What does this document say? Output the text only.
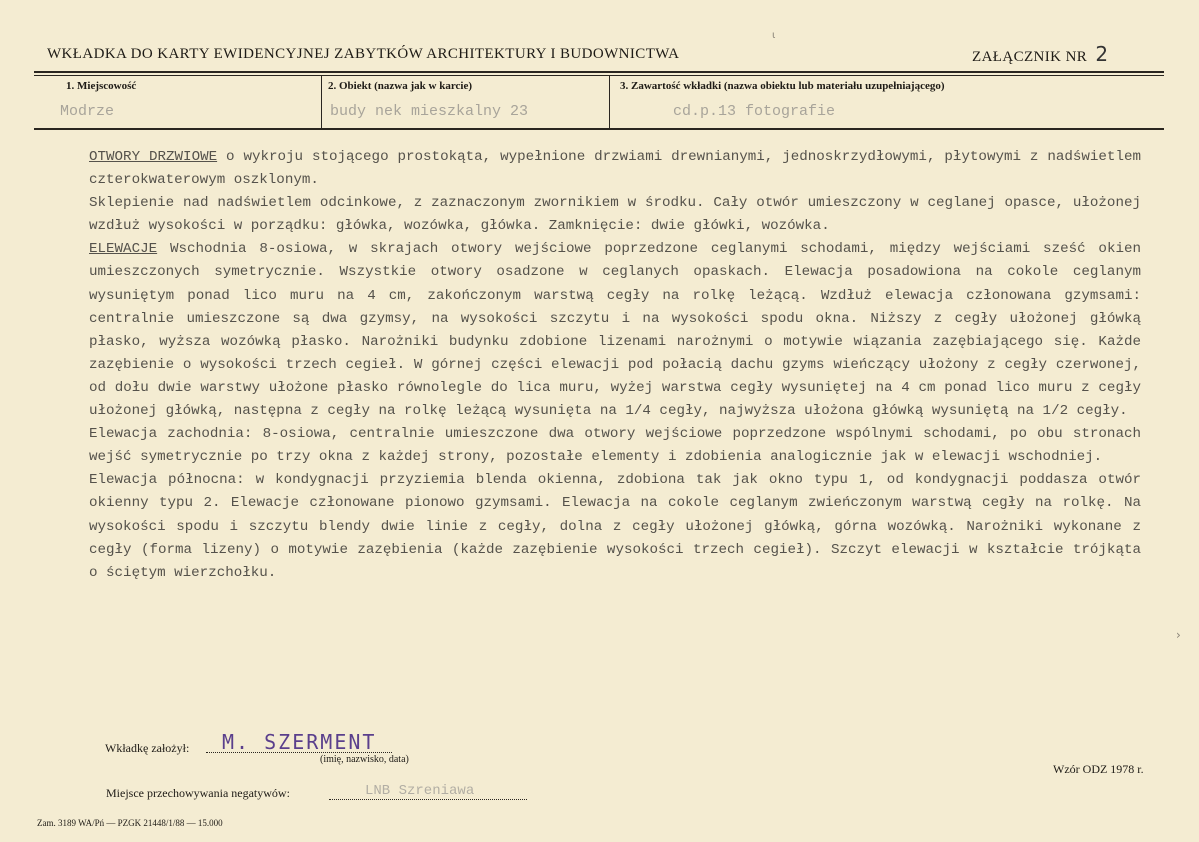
WKŁADKA DO KARTY EWIDENCYJNEJ ZABYTKÓW ARCHITEKTURY I BUDOWNICTWA	ZAŁĄCZNIK NR 2
ι
1. Miejscowość
Modrze
2. Obiekt (nazwa jak w karcie)
budy nek mieszkalny 23
3. Zawartość wkładki (nazwa obiektu lub materiału uzupełniającego)
cd.p.13 fotografie

OTWORY DRZWIOWE o wykroju stojącego prostokąta, wypełnione drzwiami drewnianymi, jednoskrzydłowymi, płytowymi z nadświetlem czterokwaterowym oszklonym.

Sklepienie nad nadświetlem odcinkowe, z zaznaczonym zwornikiem w środku. Cały otwór umieszczony w ceglanej opasce, ułożonej wzdłuż wysokości w porządku: główka, wozówka, główka. Zamknięcie: dwie główki, wozówka.

ELEWACJE Wschodnia 8-osiowa, w skrajach otwory wejściowe poprzedzone ceglanymi schodami, między wejściami sześć okien umieszczonych symetrycznie. Wszystkie otwory osadzone w ceglanych opaskach. Elewacja posadowiona na cokole ceglanym wysuniętym ponad lico muru na 4 cm, zakończonym warstwą cegły na rolkę leżącą. Wzdłuż elewacja członowana gzymsami: centralnie umieszczone są dwa gzymsy, na wysokości szczytu i na wysokości spodu okna. Niższy z cegły ułożonej główką płasko, wyższa wozówką płasko. Narożniki budynku zdobione lizenami narożnymi o motywie wiązania zazębiającego się. Każde zazębienie o wysokości trzech cegieł. W górnej części elewacji pod połacią dachu gzyms wieńczący ułożony z cegły czerwonej, od dołu dwie warstwy ułożone płasko równolegle do lica muru, wyżej warstwa cegły wysuniętej na 4 cm ponad lico muru z cegły ułożonej główką, następna z cegły na rolkę leżącą wysunięta na 1/4 cegły, najwyższa ułożona główką wysuniętą na 1/2 cegły.

Elewacja zachodnia: 8-osiowa, centralnie umieszczone dwa otwory wejściowe poprzedzone wspólnymi schodami, po obu stronach wejść symetrycznie po trzy okna z każdej strony, pozostałe elementy i zdobienia analogicznie jak w elewacji wschodniej.

Elewacja północna: w kondygnacji przyziemia blenda okienna, zdobiona tak jak okno typu 1, od kondygnacji poddasza otwór okienny typu 2. Elewacje członowane pionowo gzymsami. Elewacja na cokole ceglanym zwieńczonym warstwą cegły na rolkę. Na wysokości spodu i szczytu blendy dwie linie z cegły, dolna z cegły ułożonej główką, górna wozówką. Narożniki wykonane z cegły (forma lizeny) o motywie zazębienia (każde zazębienie wysokości trzech cegieł). Szczyt elewacji w kształcie trójkąta o ściętym wierzchołku.

Wkładkę założył: M. SZERMENT
(imię, nazwisko, data)
Wzór ODZ 1978 r.
Miejsce przechowywania negatywów:	LNB Szreniawa
Zam. 3189 WA/Pń — PZGK 21448/1/88 — 15.000
›
